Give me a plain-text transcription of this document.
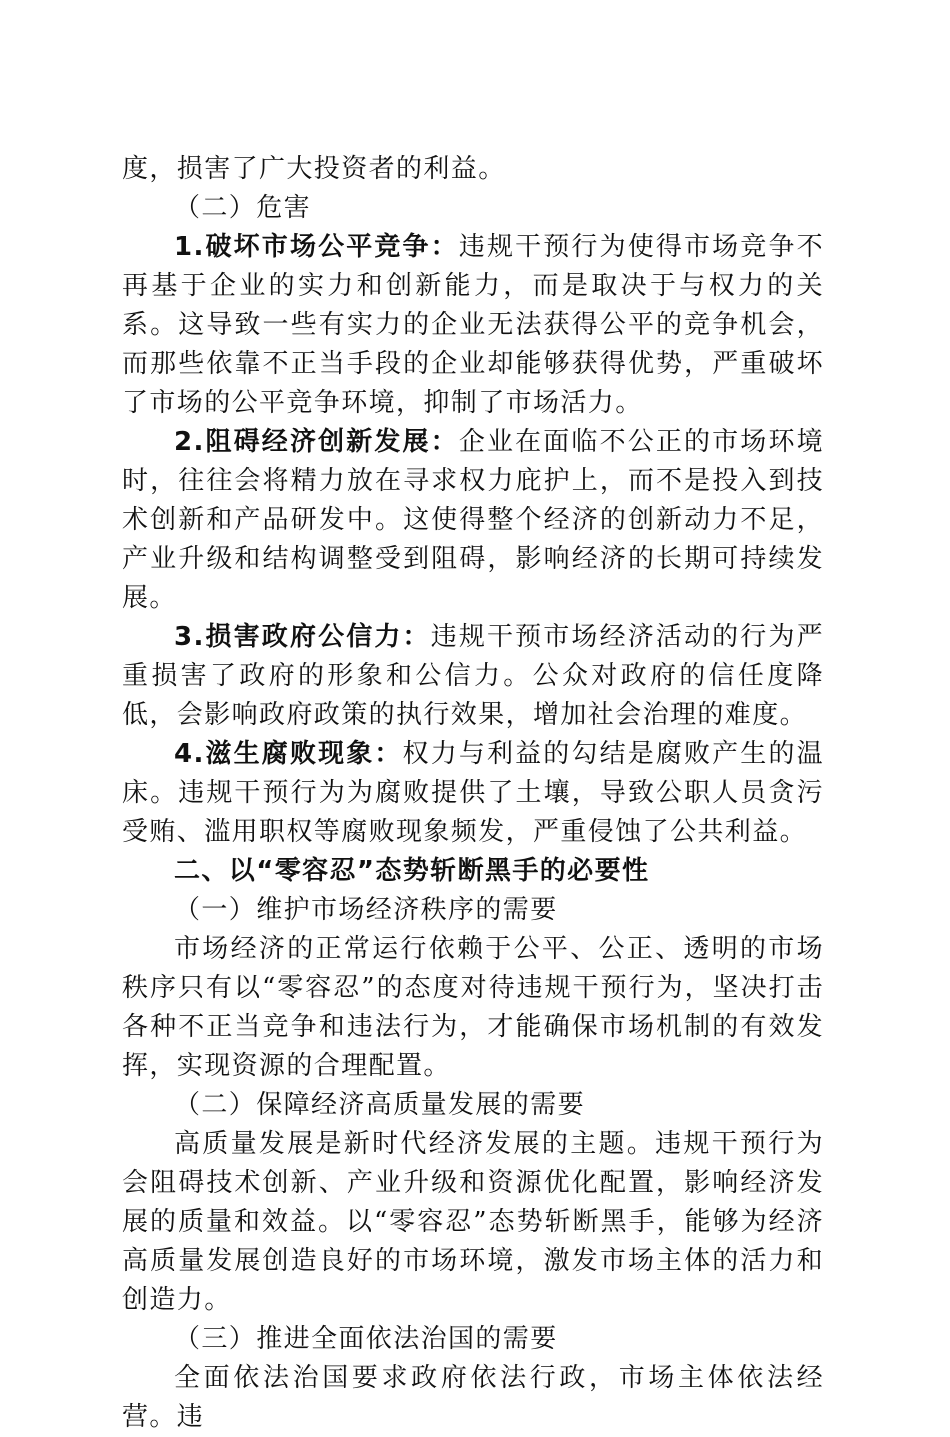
度，损害了广大投资者的利益。

（二）危害

1.破坏市场公平竞争：违规干预行为使得市场竞争不再基于企业的实力和创新能力，而是取决于与权力的关系。这导致一些有实力的企业无法获得公平的竞争机会，而那些依靠不正当手段的企业却能够获得优势，严重破坏了市场的公平竞争环境，抑制了市场活力。

2.阻碍经济创新发展：企业在面临不公正的市场环境时，往往会将精力放在寻求权力庇护上，而不是投入到技术创新和产品研发中。这使得整个经济的创新动力不足，产业升级和结构调整受到阻碍，影响经济的长期可持续发展。

3.损害政府公信力：违规干预市场经济活动的行为严重损害了政府的形象和公信力。公众对政府的信任度降低，会影响政府政策的执行效果，增加社会治理的难度。

4.滋生腐败现象：权力与利益的勾结是腐败产生的温床。违规干预行为为腐败提供了土壤，导致公职人员贪污受贿、滥用职权等腐败现象频发，严重侵蚀了公共利益。

二、以“零容忍”态势斩断黑手的必要性

（一）维护市场经济秩序的需要

市场经济的正常运行依赖于公平、公正、透明的市场秩序只有以“零容忍”的态度对待违规干预行为，坚决打击各种不正当竞争和违法行为，才能确保市场机制的有效发挥，实现资源的合理配置。

（二）保障经济高质量发展的需要

高质量发展是新时代经济发展的主题。违规干预行为会阻碍技术创新、产业升级和资源优化配置，影响经济发展的质量和效益。以“零容忍”态势斩断黑手，能够为经济高质量发展创造良好的市场环境，激发市场主体的活力和创造力。

（三）推进全面依法治国的需要

全面依法治国要求政府依法行政，市场主体依法经营。违
